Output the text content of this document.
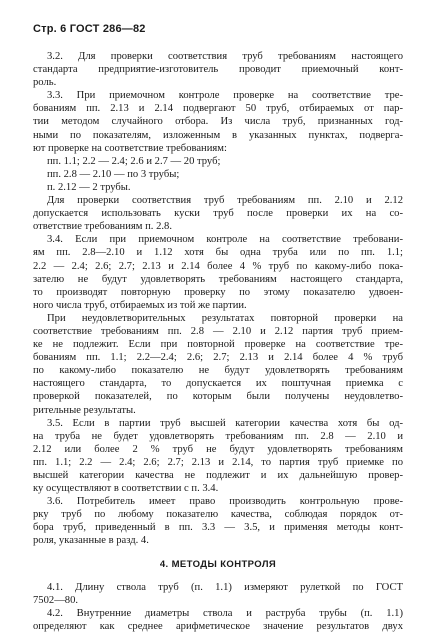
Стр. 6 ГОСТ 286—82
3.2. Для проверки соответствия труб требованиям настоящего
стандарта предприятие-изготовитель проводит приемочный конт-
роль.
3.3. При приемочном контроле проверке на соответствие тре-
бованиям пп. 2.13 и 2.14 подвергают 50 труб, отбираемых от пар-
тии методом случайного отбора. Из числа труб, признанных год-
ными по показателям, изложенным в указанных пунктах, подверга-
ют проверке на соответствие требованиям:
пп. 1.1; 2.2 — 2.4; 2.6 и 2.7 — 20 труб;
пп. 2.8 — 2.10 — по 3 трубы;
п. 2.12 — 2 трубы.
Для проверки соответствия труб требованиям пп. 2.10 и 2.12
допускается использовать куски труб после проверки их на со-
ответствие требованиям п. 2.8.
3.4. Если при приемочном контроле на соответствие требовани-
ям пп. 2.8—2.10 и 1.12 хотя бы одна труба или по пп. 1.1;
2.2 — 2.4; 2.6; 2.7; 2.13 и 2.14 более 4 % труб по какому-либо пока-
зателю не будут удовлетворять требованиям настоящего стандарта,
то производят повторную проверку по этому показателю удвоен-
ного числа труб, отбираемых из той же партии.
При неудовлетворительных результатах повторной проверки на
соответствие требованиям пп. 2.8 — 2.10 и 2.12 партия труб прием-
ке не подлежит. Если при повторной проверке на соответствие тре-
бованиям пп. 1.1; 2.2—2.4; 2.6; 2.7; 2.13 и 2.14 более 4 % труб
по какому-либо показателю не будут удовлетворять требованиям
настоящего стандарта, то допускается их поштучная приемка с
проверкой показателей, по которым были получены неудовлетво-
рительные результаты.
3.5. Если в партии труб высшей категории качества хотя бы од-
на труба не будет удовлетворять требованиям пп. 2.8 — 2.10 и
2.12 или более 2 % труб не будут удовлетворять требованиям
пп. 1.1; 2.2 — 2.4; 2.6; 2.7; 2.13 и 2.14, то партия труб приемке по
высшей категории качества не подлежит и их дальнейшую провер-
ку осуществляют в соответствии с п. 3.4.
3.6. Потребитель имеет право производить контрольную прове-
рку труб по любому показателю качества, соблюдая порядок от-
бора труб, приведенный в пп. 3.3 — 3.5, и применяя методы конт-
роля, указанные в разд. 4.
4. МЕТОДЫ КОНТРОЛЯ
4.1. Длину ствола труб (п. 1.1) измеряют рулеткой по ГОСТ
7502—80.
4.2. Внутренние диаметры ствола и раструба трубы (п. 1.1)
определяют как среднее арифметическое значение результатов двух
